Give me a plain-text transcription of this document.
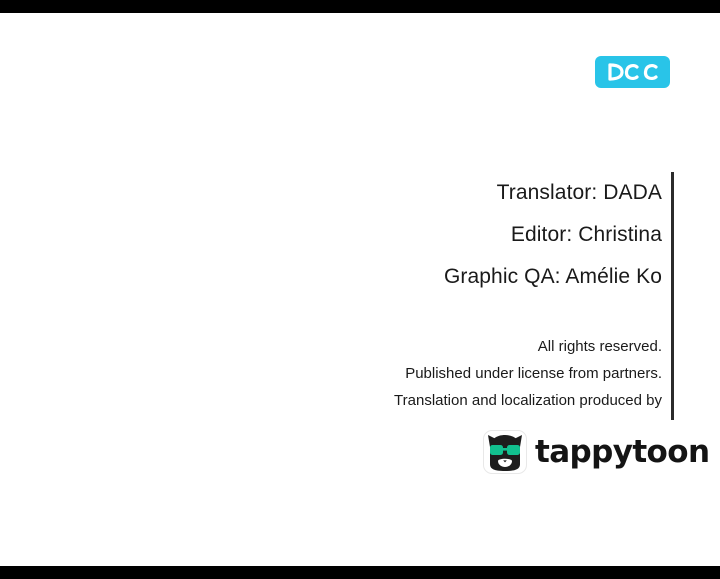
Translator: DADA
Editor: Christina
Graphic QA: Amélie Ko
All rights reserved.
Published under license from partners.
Translation and localization produced by
tappytoon
